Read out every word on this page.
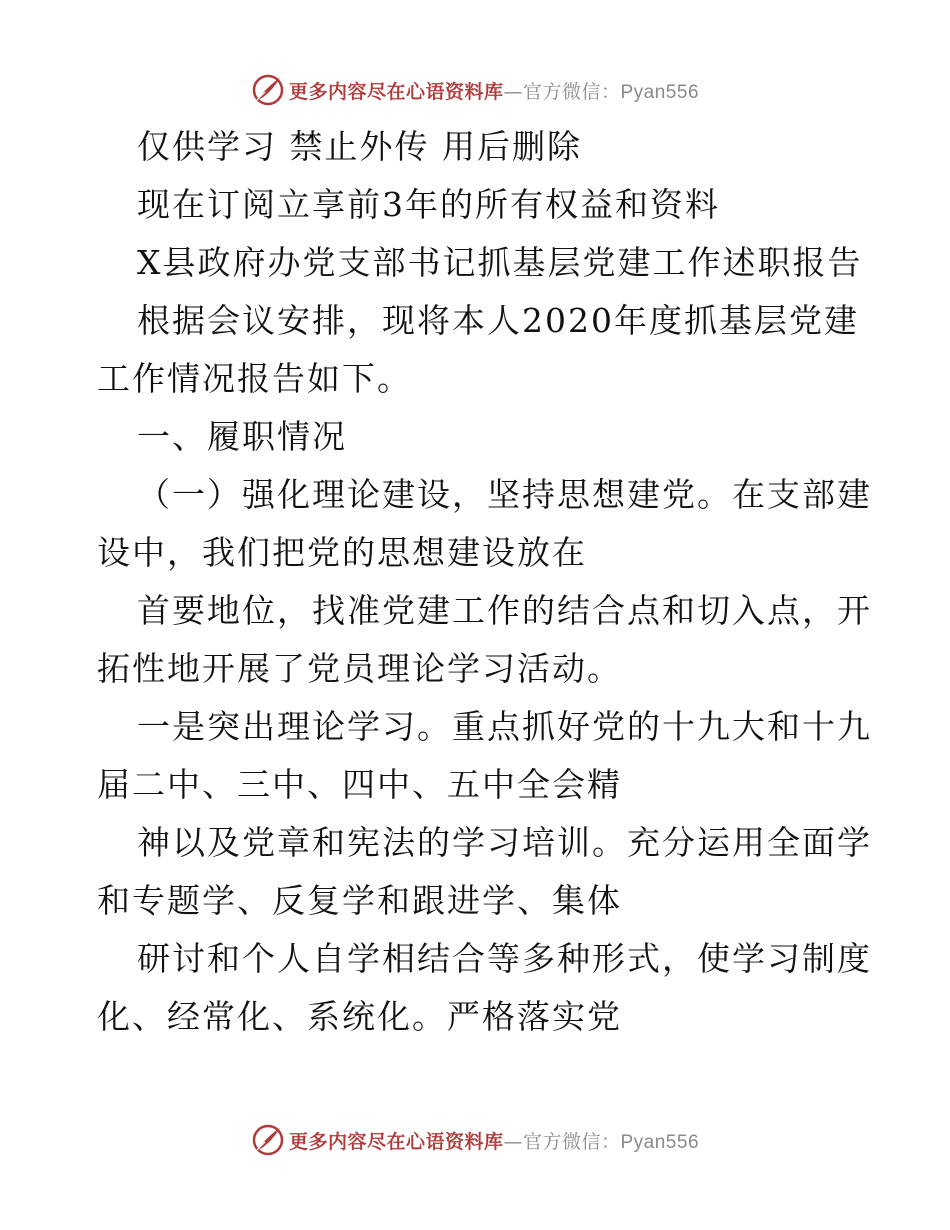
更多内容尽在心语资料库—官方微信：Pyan556
仅供学习 禁止外传 用后删除
现在订阅立享前3年的所有权益和资料
X县政府办党支部书记抓基层党建工作述职报告
根据会议安排，现将本人2020年度抓基层党建
工作情况报告如下。
一、履职情况
（一）强化理论建设，坚持思想建党。在支部建
设中，我们把党的思想建设放在
首要地位，找准党建工作的结合点和切入点，开
拓性地开展了党员理论学习活动。
一是突出理论学习。重点抓好党的十九大和十九
届二中、三中、四中、五中全会精
神以及党章和宪法的学习培训。充分运用全面学
和专题学、反复学和跟进学、集体
研讨和个人自学相结合等多种形式，使学习制度
化、经常化、系统化。严格落实党
更多内容尽在心语资料库—官方微信：Pyan556
